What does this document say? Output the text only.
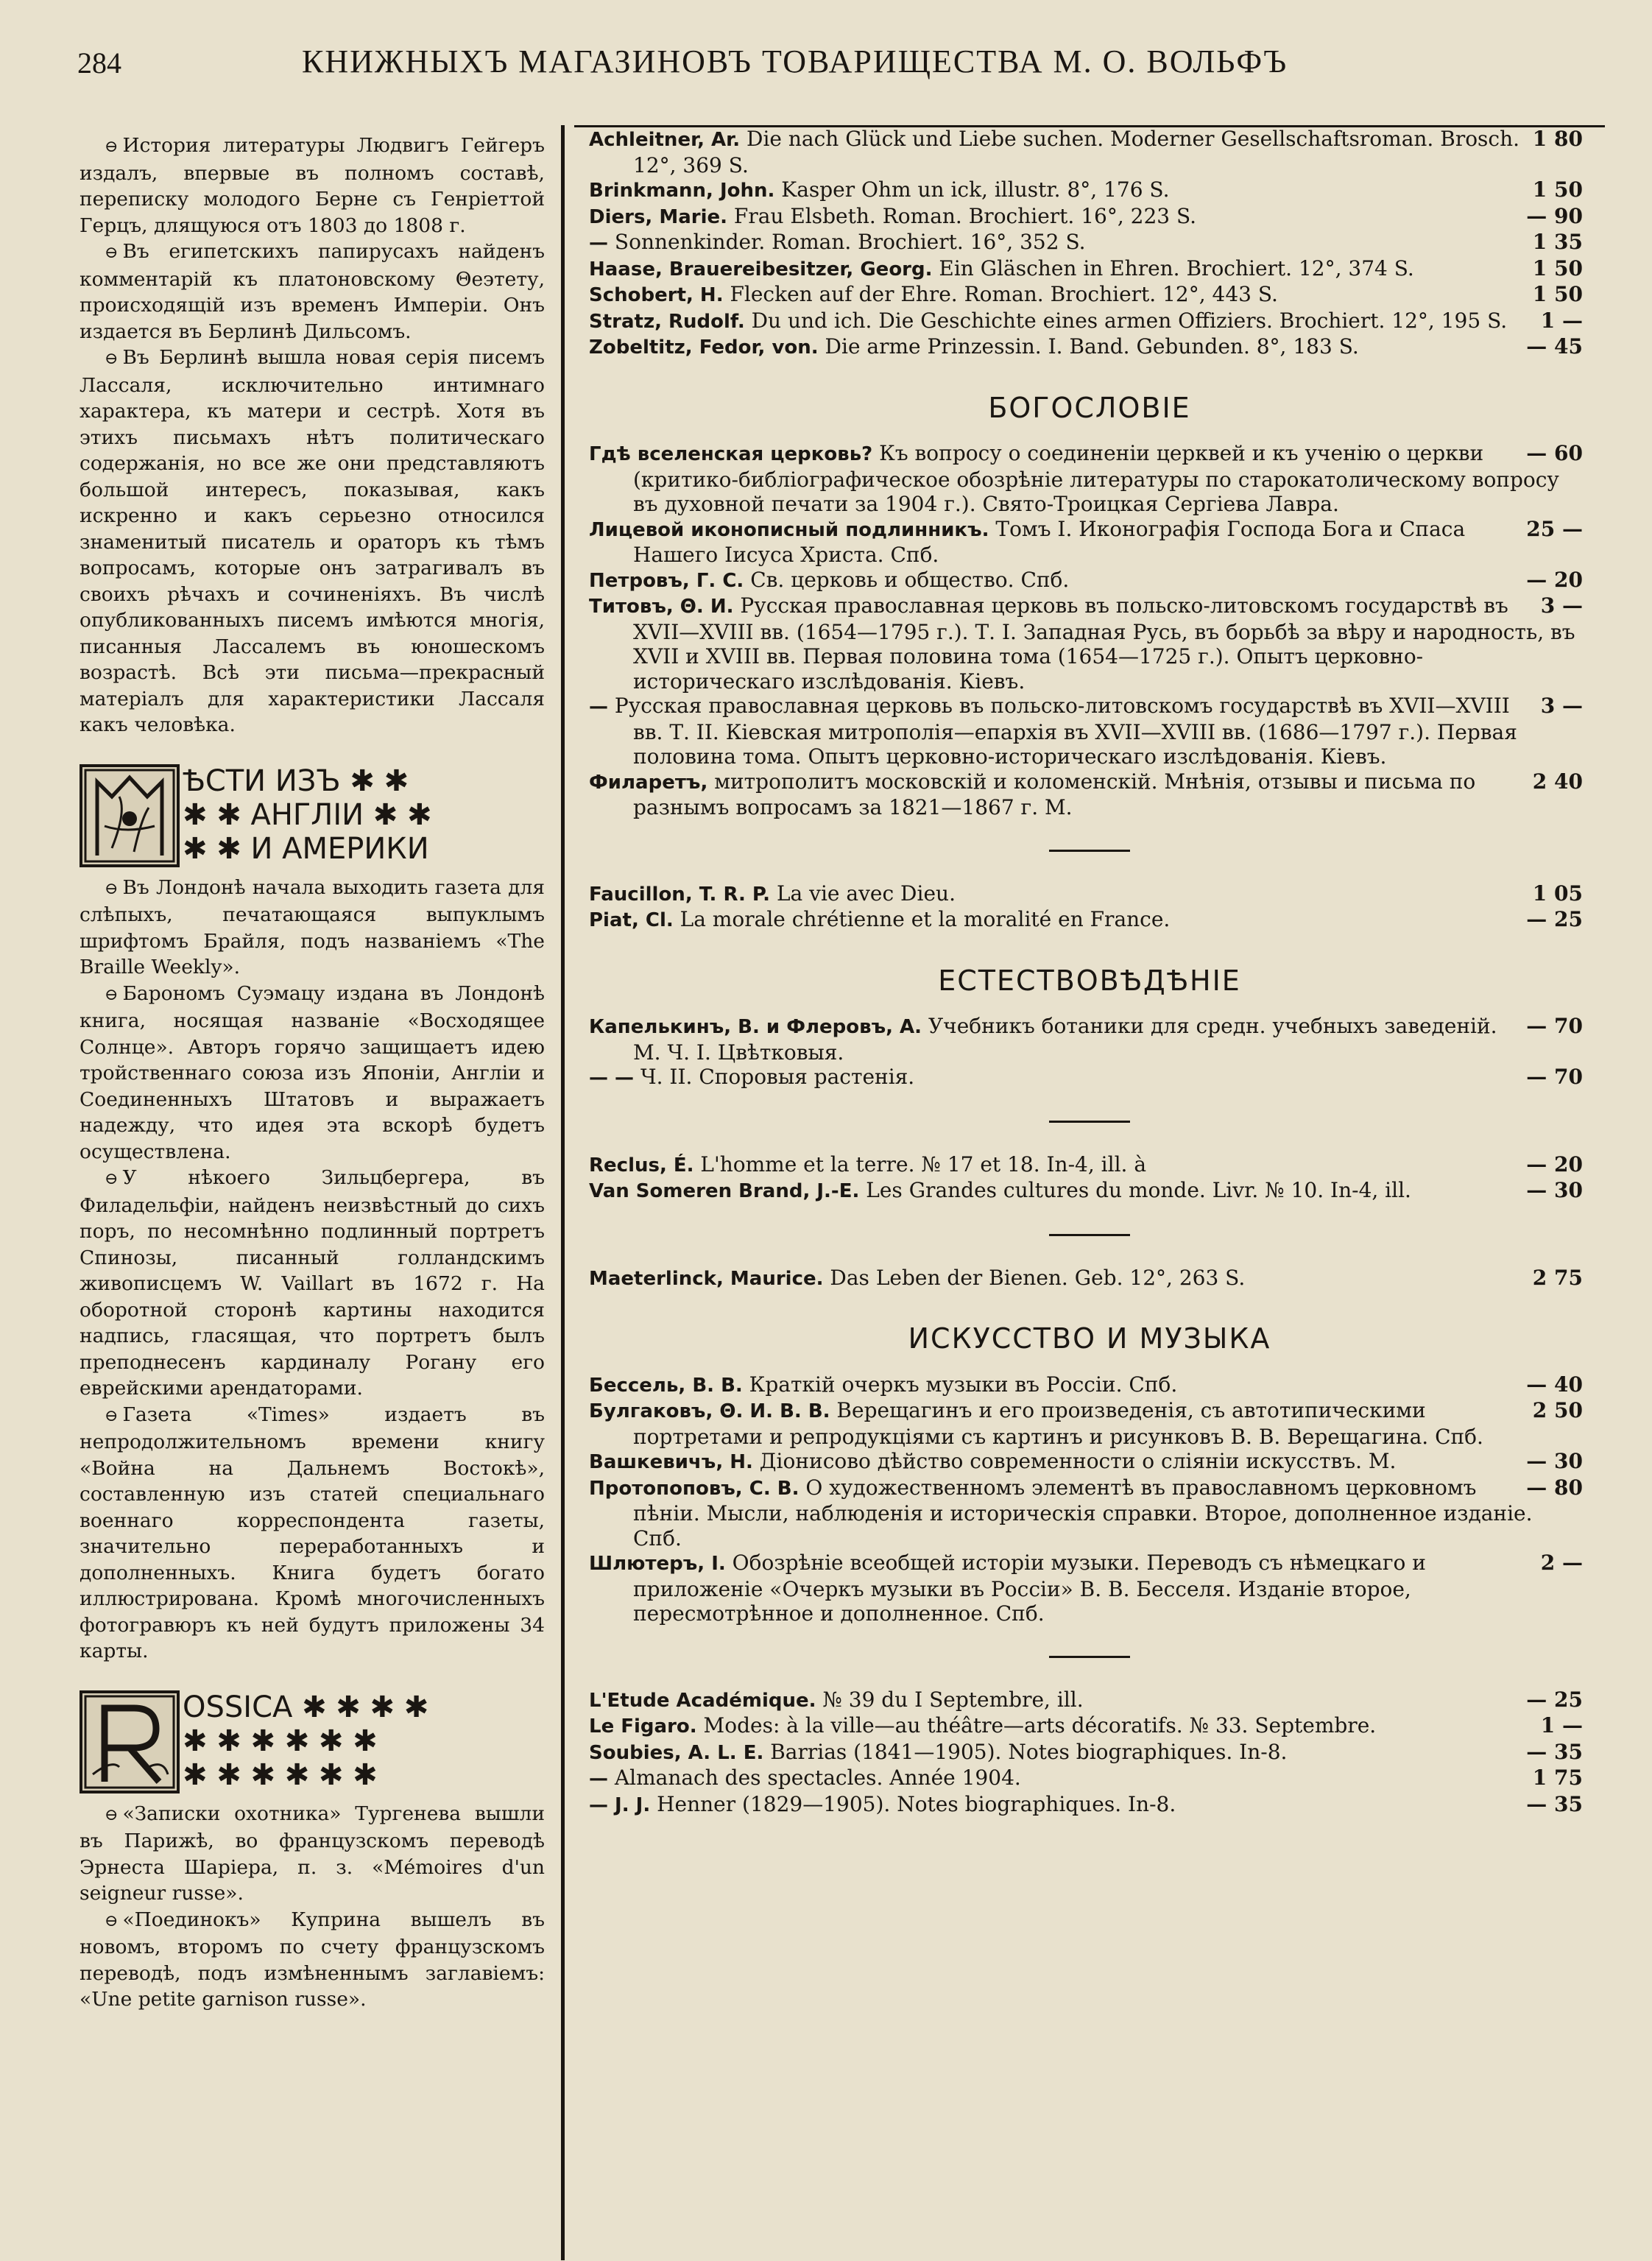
284	КНИЖНЫХЪ МАГАЗИНОВЪ ТОВАРИЩЕСТВА М. О. ВОЛЬФЪ

⊖ История литературы Людвигъ Гейгеръ издалъ, впервые въ полномъ составѣ, переписку молодого Берне съ Генріеттой Герцъ, длящуюся отъ 1803 до 1808 г.

⊖ Въ египетскихъ папирусахъ найденъ комментарій къ платоновскому Θеэтету, происходящій изъ временъ Имперіи. Онъ издается въ Берлинѣ Дильсомъ.

⊖ Въ Берлинѣ вышла новая серія писемъ Лассаля, исключительно интимнаго характера, къ матери и сестрѣ. Хотя въ этихъ письмахъ нѣтъ политическаго содержанія, но все же они представляютъ большой интересъ, показывая, какъ искренно и какъ серьезно относился знаменитый писатель и ораторъ къ тѣмъ вопросамъ, которые онъ затрагивалъ въ своихъ рѣчахъ и сочиненіяхъ. Въ числѣ опубликованныхъ писемъ имѣются многія, писанныя Лассалемъ въ юношескомъ возрастѣ. Всѣ эти письма—прекрасный матеріалъ для характеристики Лассаля какъ человѣка.

ѢСТИ ИЗЪ ✱ ✱
✱ ✱ АНГЛІИ ✱ ✱
✱ ✱ И АМЕРИКИ

⊖ Въ Лондонѣ начала выходить газета для слѣпыхъ, печатающаяся выпуклымъ шрифтомъ Брайля, подъ названіемъ «The Braille Weekly».

⊖ Барономъ Суэмацу издана въ Лондонѣ книга, носящая названіе «Восходящее Солнце». Авторъ горячо защищаетъ идею тройственнаго союза изъ Японіи, Англіи и Соединенныхъ Штатовъ и выражаетъ надежду, что идея эта вскорѣ будетъ осуществлена.

⊖ У нѣкоего Зильцбергера, въ Филадельфіи, найденъ неизвѣстный до сихъ поръ, по несомнѣнно подлинный портретъ Спинозы, писанный голландскимъ живописцемъ W. Vaillart въ 1672 г. На оборотной сторонѣ картины находится надпись, гласящая, что портретъ былъ преподнесенъ кардиналу Рогану его еврейскими арендаторами.

⊖ Газета «Times» издаетъ въ непродолжительномъ времени книгу «Война на Дальнемъ Востокѣ», составленную изъ статей специальнаго военнаго корреспондента газеты, значительно переработанныхъ и дополненныхъ. Книга будетъ богато иллюстрирована. Кромѣ многочисленныхъ фотогравюръ къ ней будутъ приложены 34 карты.

OSSICA ✱ ✱ ✱ ✱
✱ ✱ ✱ ✱ ✱ ✱
✱ ✱ ✱ ✱ ✱ ✱

⊖ «Записки охотника» Тургенева вышли въ Парижѣ, во французскомъ переводѣ Эрнеста Шаріера, п. з. «Mémoires d'un seigneur russe».

⊖ «Поединокъ» Куприна вышелъ въ новомъ, второмъ по счету французскомъ переводѣ, подъ измѣненнымъ заглавіемъ: «Une petite garnison russe».

1 80
Achleitner, Ar. Die nach Glück und Liebe suchen. Moderner Gesellschaftsroman. Brosch. 12°, 369 S.
1 50
Brinkmann, John. Kasper Ohm un ick, illustr. 8°, 176 S.
— 90
Diers, Marie. Frau Elsbeth. Roman. Brochiert. 16°, 223 S.
1 35
— Sonnenkinder. Roman. Brochiert. 16°, 352 S.
1 50
Haase, Brauereibesitzer, Georg. Ein Gläschen in Ehren. Brochiert. 12°, 374 S.
1 50
Schobert, H. Flecken auf der Ehre. Roman. Brochiert. 12°, 443 S.
1 —
Stratz, Rudolf. Du und ich. Die Geschichte eines armen Offiziers. Brochiert. 12°, 195 S.
— 45
Zobeltitz, Fedor, von. Die arme Prinzessin. I. Band. Gebunden. 8°, 183 S.
БОГОСЛОВІЕ
— 60
Гдѣ вселенская церковь? Къ вопросу о соединеніи церквей и къ ученію о церкви (критико-библіографическое обозрѣніе литературы по старокатолическому вопросу въ духовной печати за 1904 г.). Свято-Троицкая Сергіева Лавра.
25 —
Лицевой иконописный подлинникъ. Томъ I. Иконографія Господа Бога и Спаса Нашего Іисуса Христа. Спб.
— 20
Петровъ, Г. С. Св. церковь и общество. Спб.
3 —
Титовъ, Θ. И. Русская православная церковь въ польско-литовскомъ государствѣ въ XVII—XVIII вв. (1654—1795 г.). Т. I. Западная Русь, въ борьбѣ за вѣру и народность, въ XVII и XVIII вв. Первая половина тома (1654—1725 г.). Опытъ церковно-историческаго изслѣдованія. Кіевъ.
3 —
— Русская православная церковь въ польско-литовскомъ государствѣ въ XVII—XVIII вв. Т. II. Кіевская митрополія—епархія въ XVII—XVIII вв. (1686—1797 г.). Первая половина тома. Опытъ церковно-историческаго изслѣдованія. Кіевъ.
2 40
Филаретъ, митрополитъ московскій и коломенскій. Мнѣнія, отзывы и письма по разнымъ вопросамъ за 1821—1867 г. М.
1 05
Faucillon, T. R. P. La vie avec Dieu.
— 25
Piat, Cl. La morale chrétienne et la moralité en France.
ЕСТЕСТВОВѢДѢНІЕ
— 70
Капелькинъ, В. и Флеровъ, А. Учебникъ ботаники для средн. учебныхъ заведеній. М. Ч. I. Цвѣтковыя.
— 70
— — Ч. II. Споровыя растенія.
— 20
Reclus, É. L'homme et la terre. № 17 et 18. In-4, ill. à
— 30
Van Someren Brand, J.-E. Les Grandes cultures du monde. Livr. № 10. In-4, ill.
2 75
Maeterlinck, Maurice. Das Leben der Bienen. Geb. 12°, 263 S.
ИСКУССТВО И МУЗЫКА
— 40
Бессель, В. В. Краткій очеркъ музыки въ Россіи. Спб.
2 50
Булгаковъ, Θ. И. В. В. Верещагинъ и его произведенія, съ автотипическими портретами и репродукціями съ картинъ и рисунковъ В. В. Верещагина. Спб.
— 30
Вашкевичъ, Н. Діонисово дѣйство современности о сліяніи искусствъ. М.
— 80
Протопоповъ, С. В. О художественномъ элементѣ въ православномъ церковномъ пѣніи. Мысли, наблюденія и историческія справки. Второе, дополненное изданіе. Спб.
2 —
Шлютеръ, I. Обозрѣніе всеобщей исторіи музыки. Переводъ съ нѣмецкаго и приложеніе «Очеркъ музыки въ Россіи» В. В. Бесселя. Изданіе второе, пересмотрѣнное и дополненное. Спб.
— 25
L'Etude Académique. № 39 du I Septembre, ill.
1 —
Le Figaro. Modes: à la ville—au théâtre—arts décoratifs. № 33. Septembre.
— 35
Soubies, A. L. E. Barrias (1841—1905). Notes biographiques. In-8.
1 75
— Almanach des spectacles. Année 1904.
— 35
— J. J. Henner (1829—1905). Notes biographiques. In-8.
